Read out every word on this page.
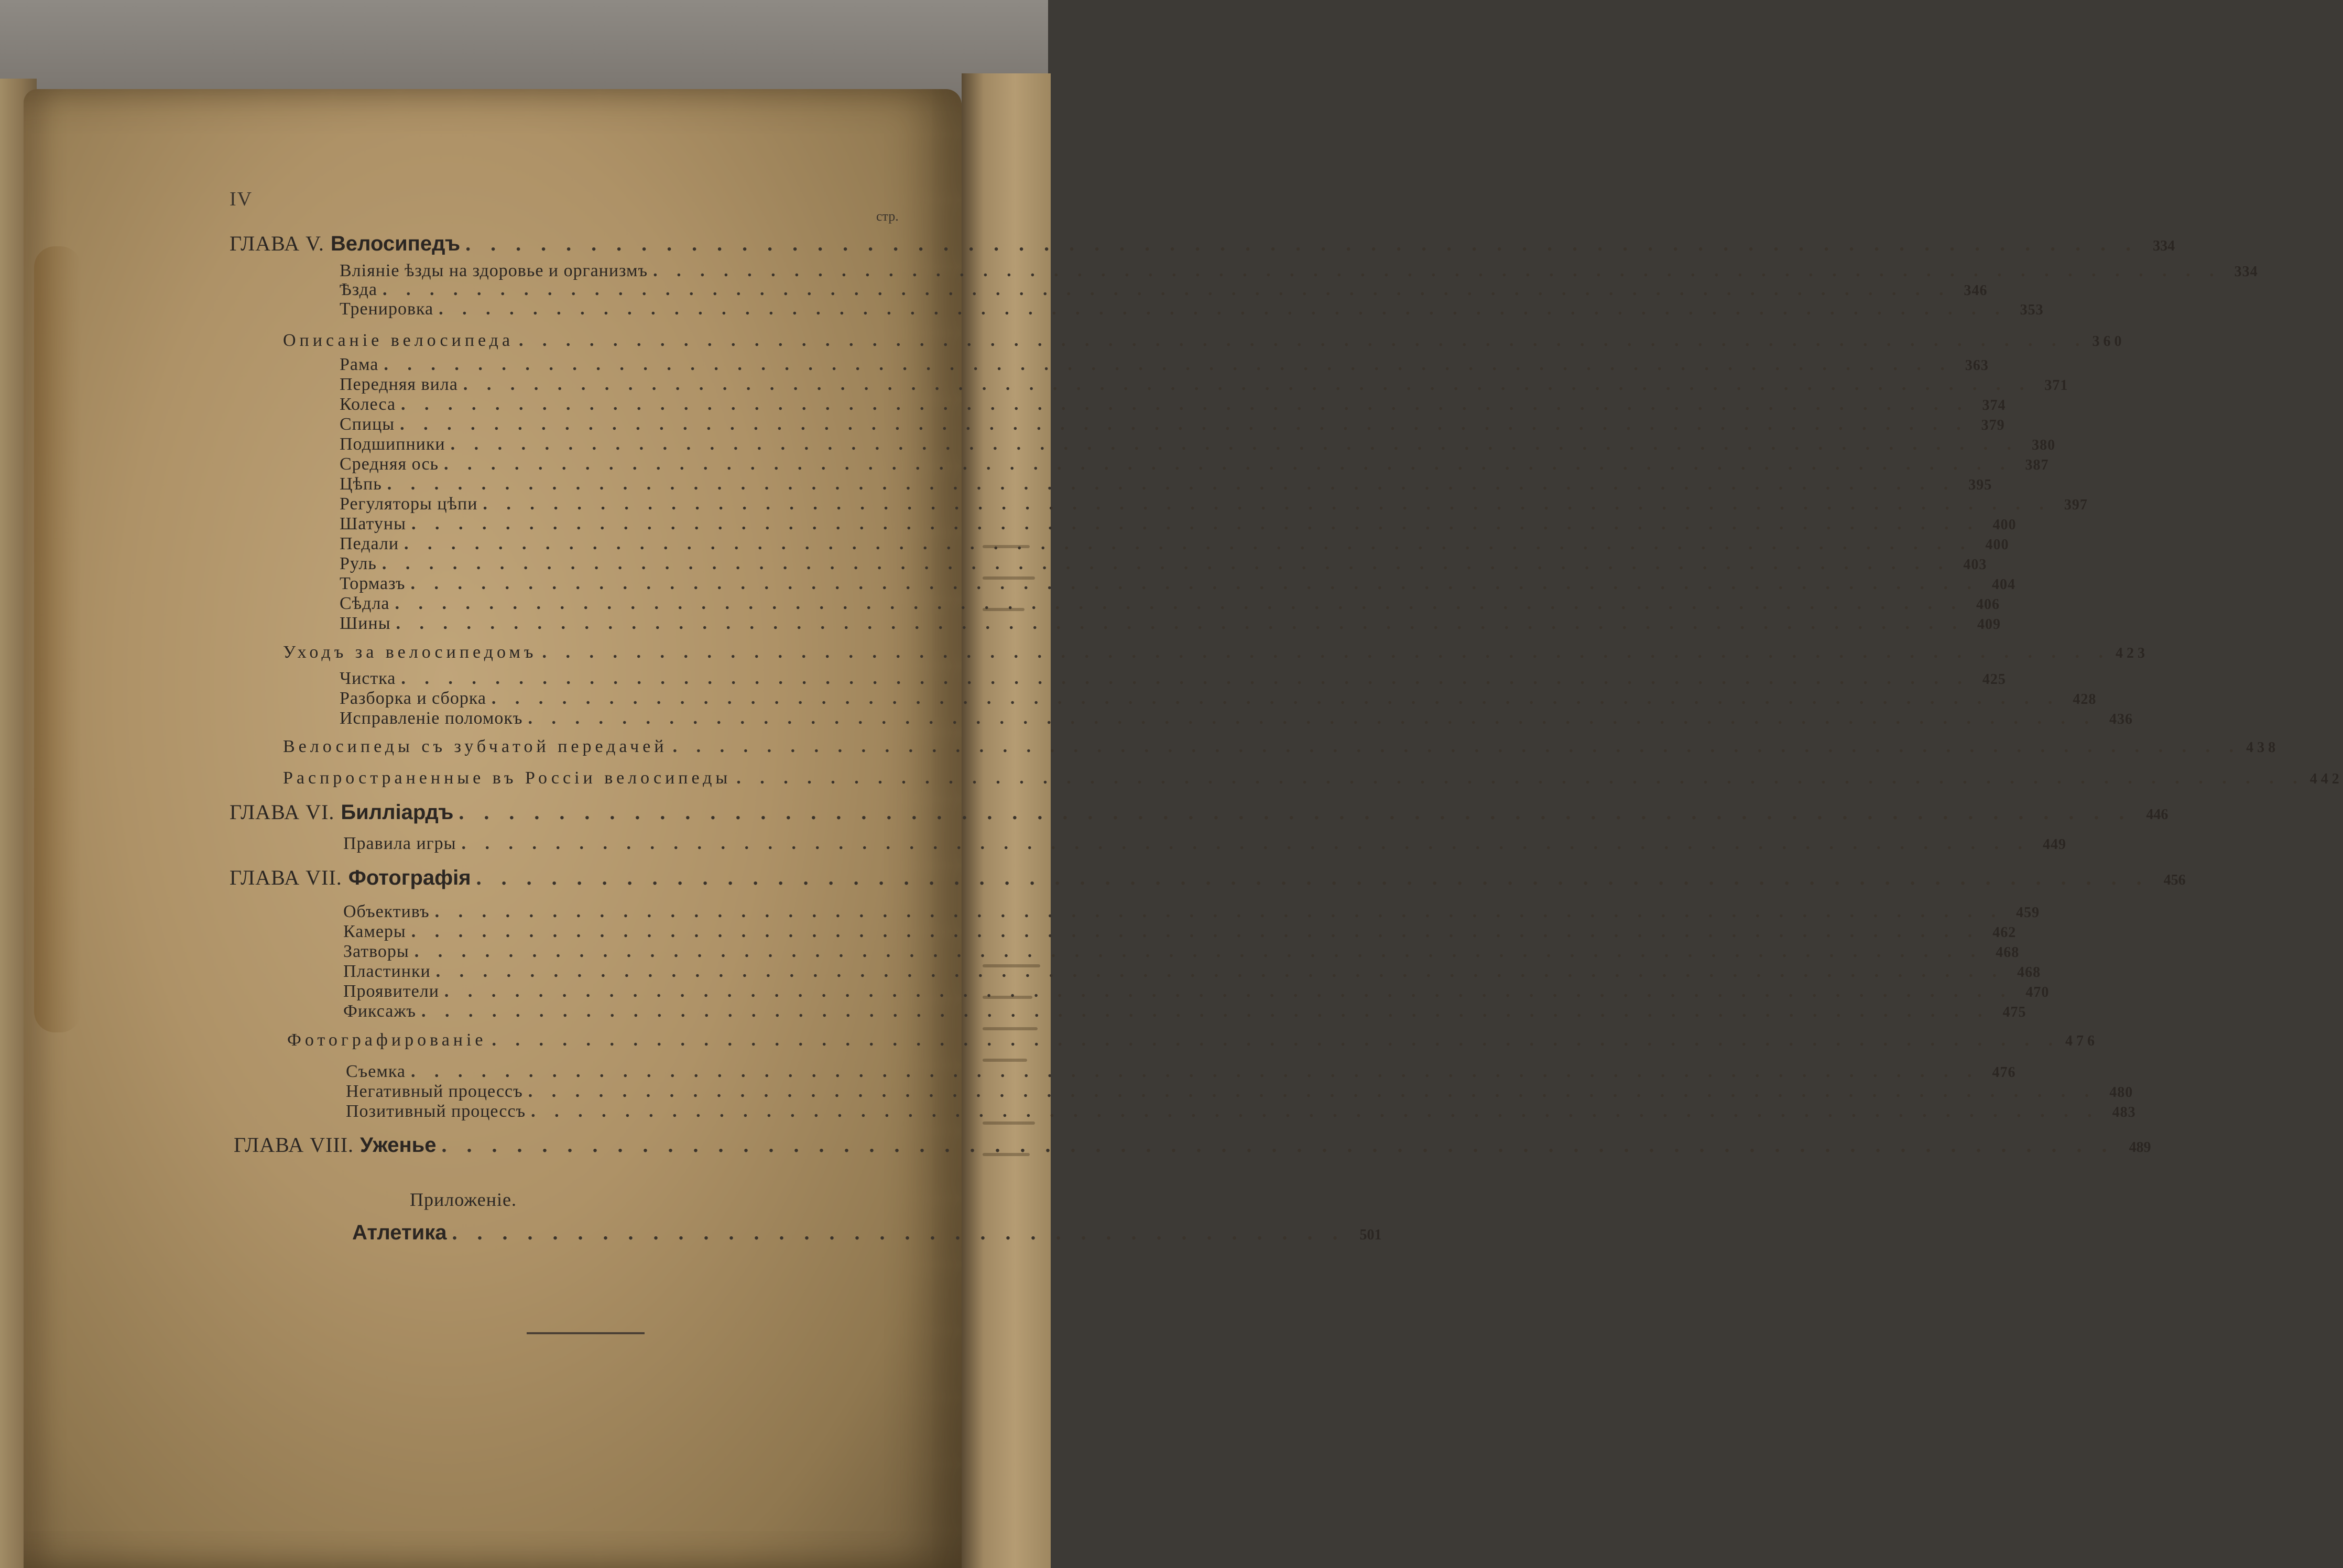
IV
стр.
ГЛАВА V. Велосипедъ . . . . . . . . . . . . . . . . . . . . . . . . . . . . . . . . . . . . . . . . . . . . . . . . . . . . . . . . . . . . . . . . . . .	334
Вліяніе ѣзды на здоровье и организмъ . . . . . . . . . . . . . . . . . . . . . . . . . . . . . . . . . . . . . . . . . . . . . . . . . . . . . . . . . . . . . . . . . . . 334
Ѣзда . . . . . . . . . . . . . . . . . . . . . . . . . . . . . . . . . . . . . . . . . . . . . . . . . . . . . . . . . . . . . . . . . . . 346
Тренировка . . . . . . . . . . . . . . . . . . . . . . . . . . . . . . . . . . . . . . . . . . . . . . . . . . . . . . . . . . . . . . . . . . . 353
Описаніе велосипеда . . . . . . . . . . . . . . . . . . . . . . . . . . . . . . . . . . . . . . . . . . . . . . . . . . . . . . . . . . . . . . . . . . . 360
Рама . . . . . . . . . . . . . . . . . . . . . . . . . . . . . . . . . . . . . . . . . . . . . . . . . . . . . . . . . . . . . . . . . . . 363
Передняя вила . . . . . . . . . . . . . . . . . . . . . . . . . . . . . . . . . . . . . . . . . . . . . . . . . . . . . . . . . . . . . . . . . . . 371
Колеса . . . . . . . . . . . . . . . . . . . . . . . . . . . . . . . . . . . . . . . . . . . . . . . . . . . . . . . . . . . . . . . . . . . 374
Спицы . . . . . . . . . . . . . . . . . . . . . . . . . . . . . . . . . . . . . . . . . . . . . . . . . . . . . . . . . . . . . . . . . . . 379
Подшипники . . . . . . . . . . . . . . . . . . . . . . . . . . . . . . . . . . . . . . . . . . . . . . . . . . . . . . . . . . . . . . . . . . . 380
Средняя ось . . . . . . . . . . . . . . . . . . . . . . . . . . . . . . . . . . . . . . . . . . . . . . . . . . . . . . . . . . . . . . . . . . . 387
Цѣпь . . . . . . . . . . . . . . . . . . . . . . . . . . . . . . . . . . . . . . . . . . . . . . . . . . . . . . . . . . . . . . . . . . . 395
Регуляторы цѣпи . . . . . . . . . . . . . . . . . . . . . . . . . . . . . . . . . . . . . . . . . . . . . . . . . . . . . . . . . . . . . . . . . . . 397
Шатуны . . . . . . . . . . . . . . . . . . . . . . . . . . . . . . . . . . . . . . . . . . . . . . . . . . . . . . . . . . . . . . . . . . . 400
Педали . . . . . . . . . . . . . . . . . . . . . . . . . . . . . . . . . . . . . . . . . . . . . . . . . . . . . . . . . . . . . . . . . . . 400
Руль . . . . . . . . . . . . . . . . . . . . . . . . . . . . . . . . . . . . . . . . . . . . . . . . . . . . . . . . . . . . . . . . . . . 403
Тормазъ . . . . . . . . . . . . . . . . . . . . . . . . . . . . . . . . . . . . . . . . . . . . . . . . . . . . . . . . . . . . . . . . . . . 404
Сѣдла . . . . . . . . . . . . . . . . . . . . . . . . . . . . . . . . . . . . . . . . . . . . . . . . . . . . . . . . . . . . . . . . . . . 406
Шины . . . . . . . . . . . . . . . . . . . . . . . . . . . . . . . . . . . . . . . . . . . . . . . . . . . . . . . . . . . . . . . . . . . 409
Уходъ за велосипедомъ . . . . . . . . . . . . . . . . . . . . . . . . . . . . . . . . . . . . . . . . . . . . . . . . . . . . . . . . . . . . . . . . . . . 423
Чистка . . . . . . . . . . . . . . . . . . . . . . . . . . . . . . . . . . . . . . . . . . . . . . . . . . . . . . . . . . . . . . . . . . . 425
Разборка и сборка . . . . . . . . . . . . . . . . . . . . . . . . . . . . . . . . . . . . . . . . . . . . . . . . . . . . . . . . . . . . . . . . . . . 428
Исправленіе поломокъ . . . . . . . . . . . . . . . . . . . . . . . . . . . . . . . . . . . . . . . . . . . . . . . . . . . . . . . . . . . . . . . . . . . 436
Велосипеды съ зубчатой передачей . . . . . . . . . . . . . . . . . . . . . . . . . . . . . . . . . . . . . . . . . . . . . . . . . . . . . . . . . . . . . . . . . . . 438
Распространенные въ Россіи велосипеды . . . . . . . . . . . . . . . . . . . . . . . . . . . . . . . . . . . . . . . . . . . . . . . . . . . . . . . . . . . . . . . . . . . 442
ГЛАВА VI. Билліардъ . . . . . . . . . . . . . . . . . . . . . . . . . . . . . . . . . . . . . . . . . . . . . . . . . . . . . . . . . . . . . . . . . . .	446
Правила игры . . . . . . . . . . . . . . . . . . . . . . . . . . . . . . . . . . . . . . . . . . . . . . . . . . . . . . . . . . . . . . . . . . . 449
ГЛАВА VII. Фотографія . . . . . . . . . . . . . . . . . . . . . . . . . . . . . . . . . . . . . . . . . . . . . . . . . . . . . . . . . . . . . . . . . . .	456
Объективъ . . . . . . . . . . . . . . . . . . . . . . . . . . . . . . . . . . . . . . . . . . . . . . . . . . . . . . . . . . . . . . . . . . . 459
Камеры . . . . . . . . . . . . . . . . . . . . . . . . . . . . . . . . . . . . . . . . . . . . . . . . . . . . . . . . . . . . . . . . . . . 462
Затворы . . . . . . . . . . . . . . . . . . . . . . . . . . . . . . . . . . . . . . . . . . . . . . . . . . . . . . . . . . . . . . . . . . . 468
Пластинки . . . . . . . . . . . . . . . . . . . . . . . . . . . . . . . . . . . . . . . . . . . . . . . . . . . . . . . . . . . . . . . . . . . 468
Проявители . . . . . . . . . . . . . . . . . . . . . . . . . . . . . . . . . . . . . . . . . . . . . . . . . . . . . . . . . . . . . . . . . . . 470
Фиксажъ . . . . . . . . . . . . . . . . . . . . . . . . . . . . . . . . . . . . . . . . . . . . . . . . . . . . . . . . . . . . . . . . . . . 475
Фотографированіе . . . . . . . . . . . . . . . . . . . . . . . . . . . . . . . . . . . . . . . . . . . . . . . . . . . . . . . . . . . . . . . . . . . 476
Съемка . . . . . . . . . . . . . . . . . . . . . . . . . . . . . . . . . . . . . . . . . . . . . . . . . . . . . . . . . . . . . . . . . . . 476
Негативный процессъ . . . . . . . . . . . . . . . . . . . . . . . . . . . . . . . . . . . . . . . . . . . . . . . . . . . . . . . . . . . . . . . . . . . 480
Позитивный процессъ . . . . . . . . . . . . . . . . . . . . . . . . . . . . . . . . . . . . . . . . . . . . . . . . . . . . . . . . . . . . . . . . . . . 483
ГЛАВА VIII. Уженье . . . . . . . . . . . . . . . . . . . . . . . . . . . . . . . . . . . . . . . . . . . . . . . . . . . . . . . . . . . . . . . . . . .	489
Приложеніе.
Атлетика . . . . . . . . . . . . . . . . . . . . . . . . . . . . . . . . . . . .	501
